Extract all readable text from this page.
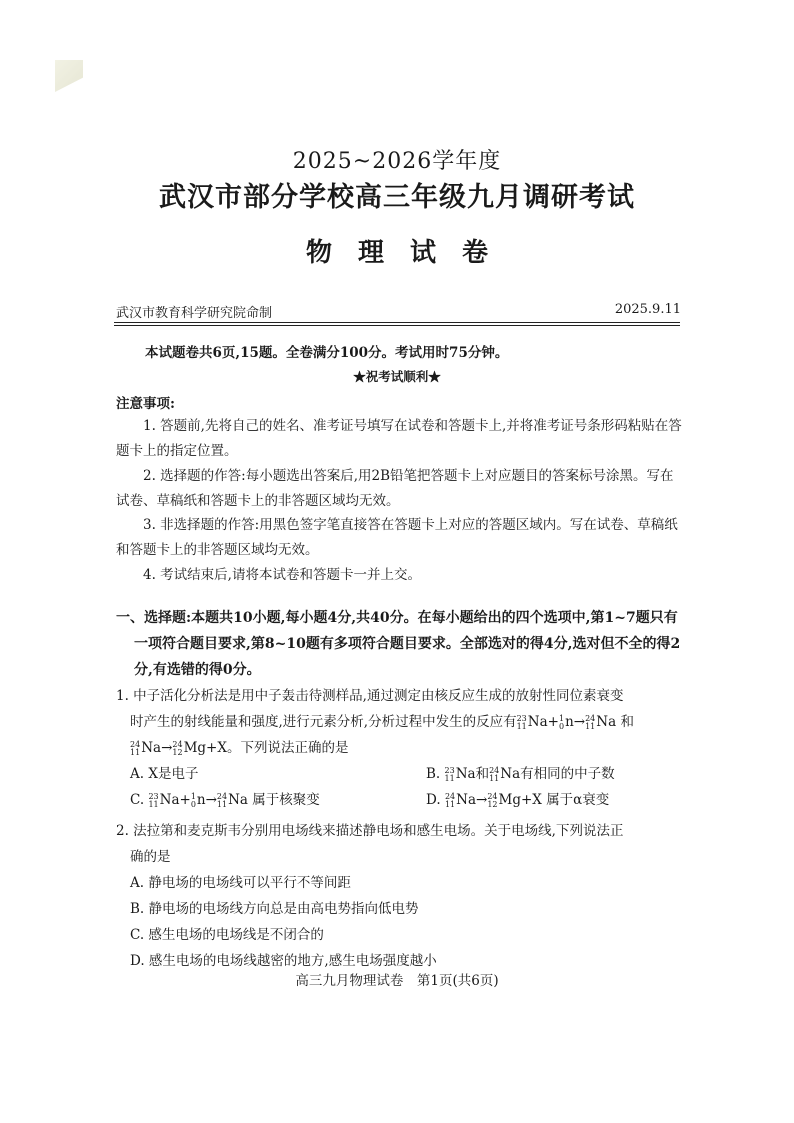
2025~2026学年度
武汉市部分学校高三年级九月调研考试
物理试卷
武汉市教育科学研究院命制	2025.9.11
本试题卷共6页,15题。全卷满分100分。考试用时75分钟。
★祝考试顺利★
注意事项:
1. 答题前,先将自己的姓名、准考证号填写在试卷和答题卡上,并将准考证号条形码粘贴在答题卡上的指定位置。
2. 选择题的作答:每小题选出答案后,用2B铅笔把答题卡上对应题目的答案标号涂黑。写在试卷、草稿纸和答题卡上的非答题区域均无效。
3. 非选择题的作答:用黑色签字笔直接答在答题卡上对应的答题区域内。写在试卷、草稿纸和答题卡上的非答题区域均无效。
4. 考试结束后,请将本试卷和答题卡一并上交。
一、选择题:本题共10小题,每小题4分,共40分。在每小题给出的四个选项中,第1~7题只有一项符合题目要求,第8~10题有多项符合题目要求。全部选对的得4分,选对但不全的得2分,有选错的得0分。
1. 中子活化分析法是用中子轰击待测样品,通过测定由核反应生成的放射性同位素衰变
时产生的射线能量和强度,进行元素分析,分析过程中发生的反应有 23
11 Na+ 1
0 n→ 24
11 Na 和
24
11 Na→ 24
12 Mg+X。下列说法正确的是
A. X是电子	B. 23
11 Na和 24
11 Na有相同的中子数
C. 23
11 Na+ 1
0 n→ 24
11 Na 属于核聚变	D. 24
11 Na→ 24
12 Mg+X 属于α衰变
2. 法拉第和麦克斯韦分别用电场线来描述静电场和感生电场。关于电场线,下列说法正
确的是
A. 静电场的电场线可以平行不等间距
B. 静电场的电场线方向总是由高电势指向低电势
C. 感生电场的电场线是不闭合的
D. 感生电场的电场线越密的地方,感生电场强度越小
高三九月物理试卷　第1页(共6页)
